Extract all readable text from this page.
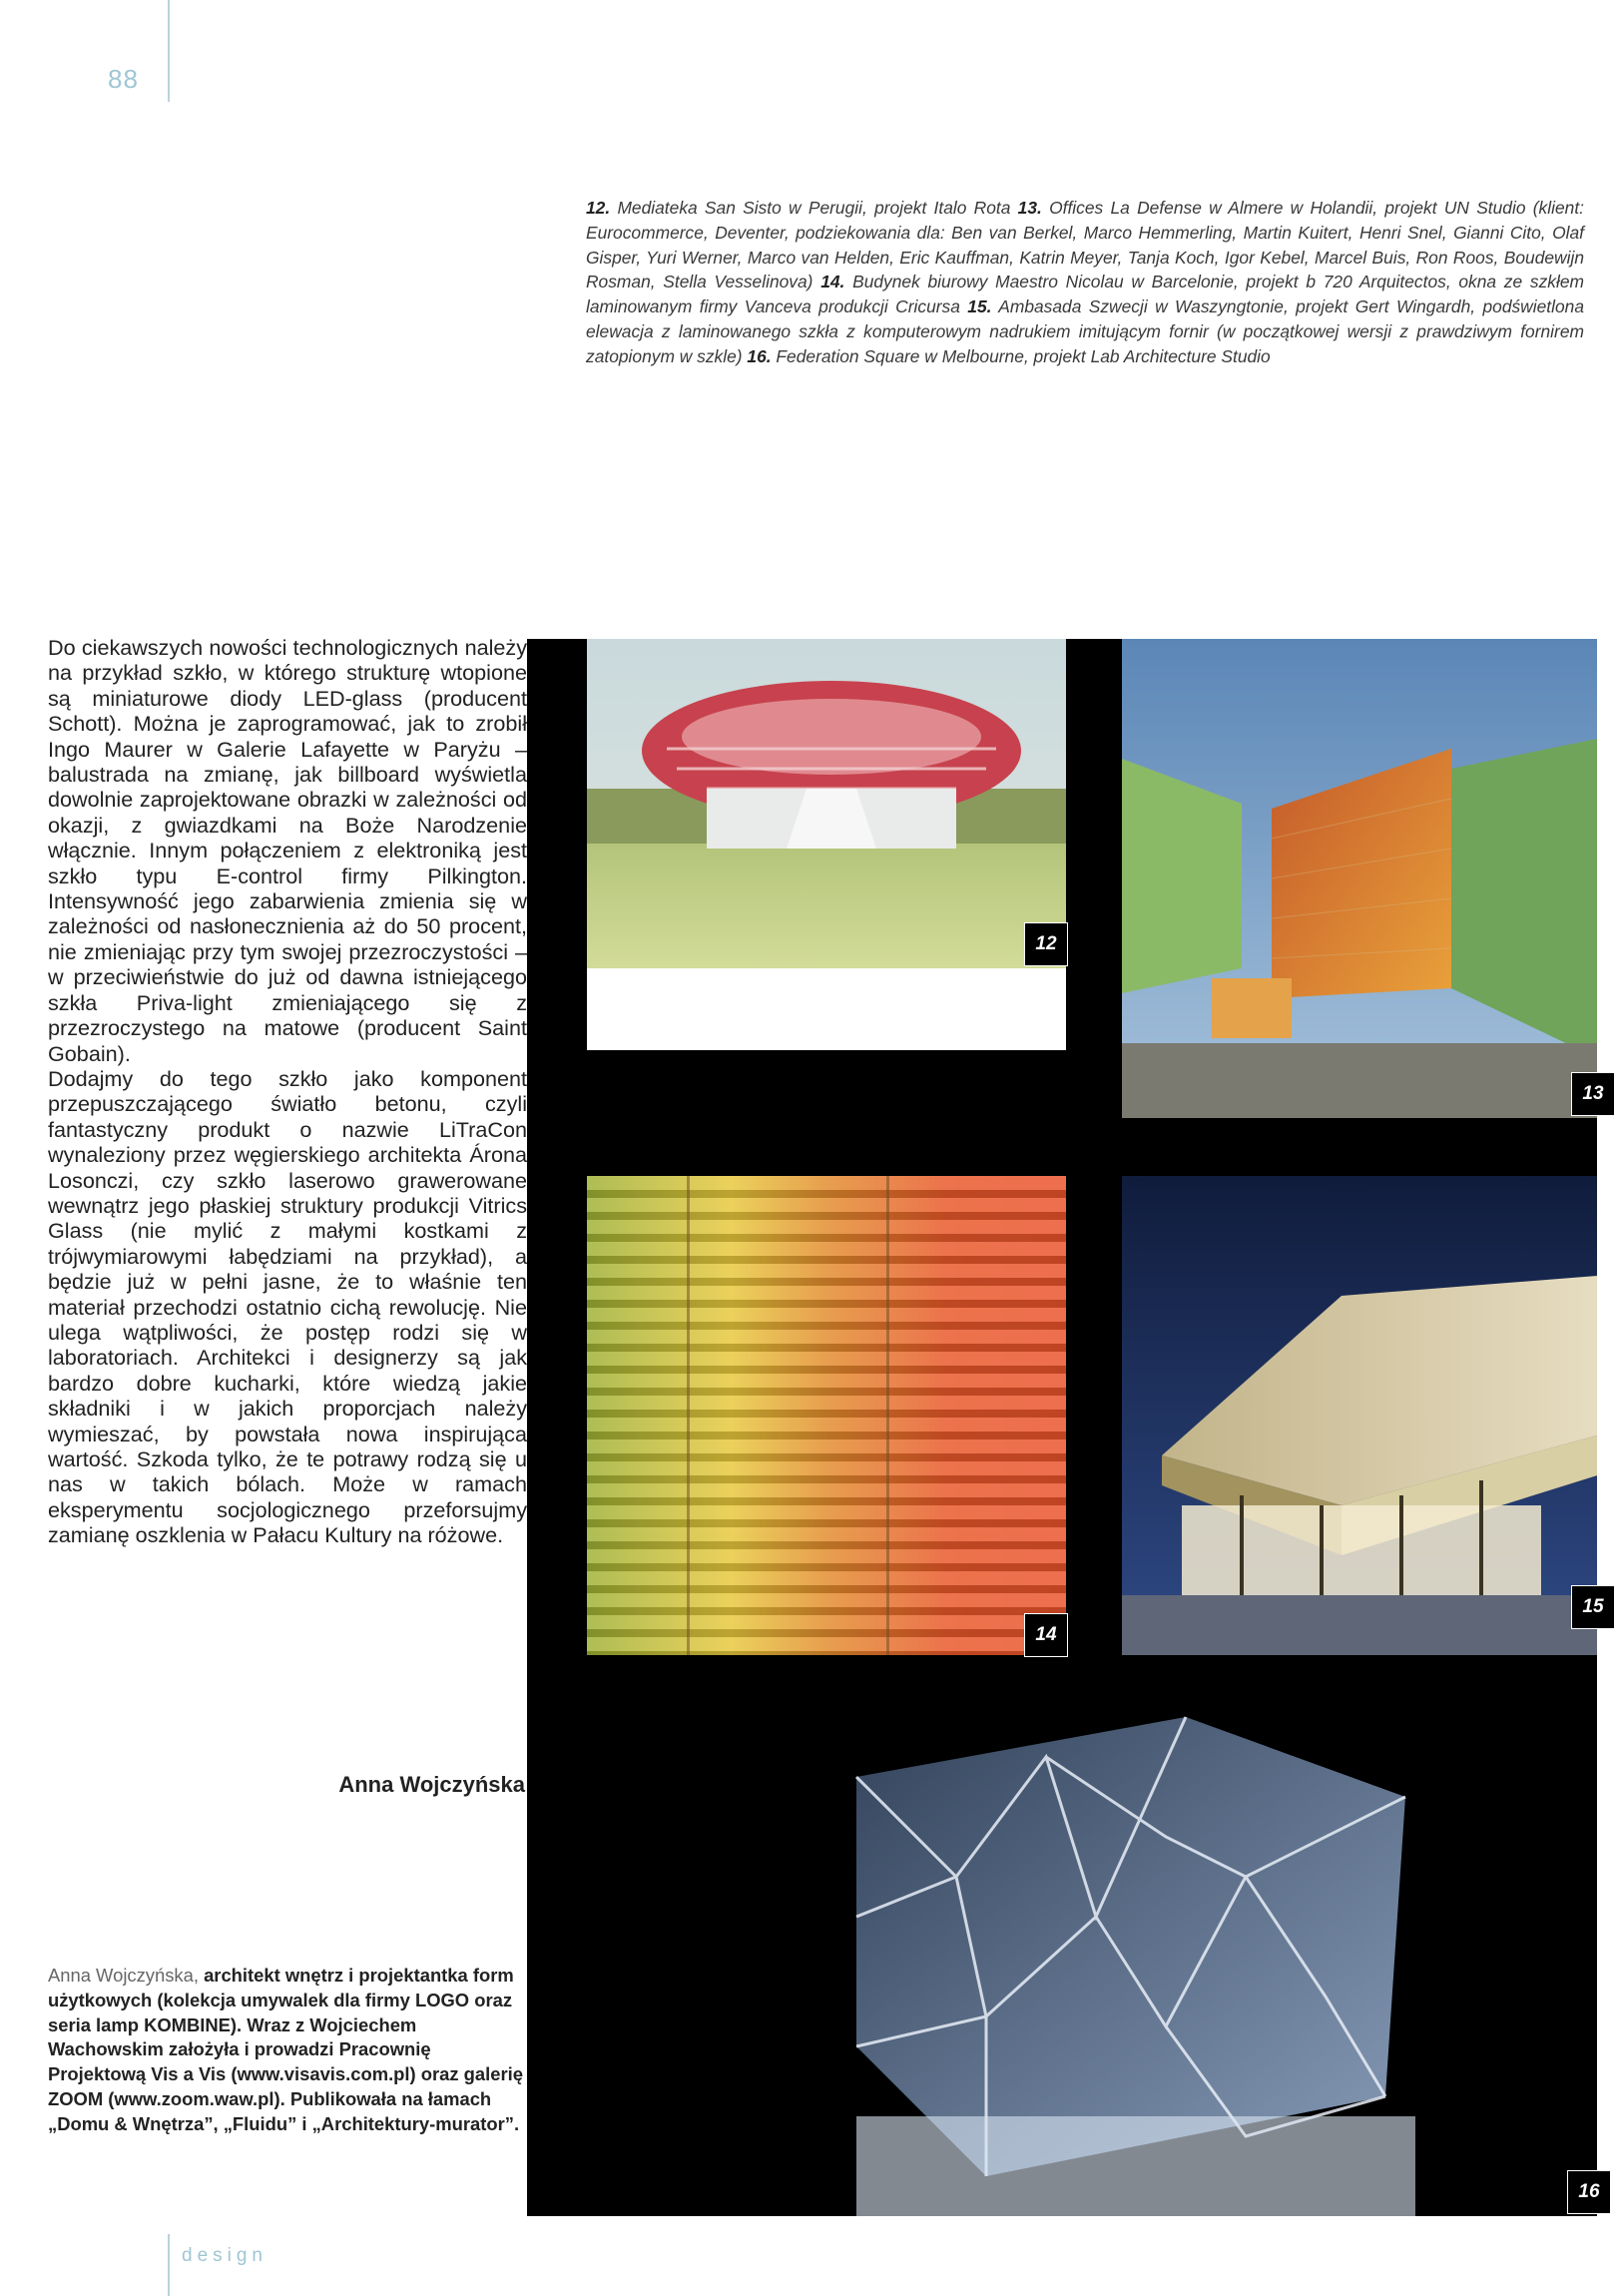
88
12. Mediateka San Sisto w Perugii, projekt Italo Rota 13. Offices La Defense w Almere w Holandii, projekt UN Studio (klient: Eurocommerce, Deventer, podziekowania dla: Ben van Berkel, Marco Hemmerling, Martin Kuitert, Henri Snel, Gianni Cito, Olaf Gisper, Yuri Werner, Marco van Helden, Eric Kauffman, Katrin Meyer, Tanja Koch, Igor Kebel, Marcel Buis, Ron Roos, Boudewijn Rosman, Stella Vesselinova) 14. Budynek biurowy Maestro Nicolau w Barcelonie, projekt b 720 Arquitectos, okna ze szkłem laminowanym firmy Vanceva produkcji Cricursa 15. Ambasada Szwecji w Waszyngtonie, projekt Gert Wingardh, podświetlona elewacja z laminowanego szkła z komputerowym nadrukiem imitującym fornir (w początkowej wersji z prawdziwym fornirem zatopionym w szkle) 16. Federation Square w Melbourne, projekt Lab Architecture Studio

Do ciekawszych nowości technologicznych należy na przykład szkło, w którego strukturę wtopione są miniaturowe diody LED-glass (producent Schott). Można je zaprogramować, jak to zrobił Ingo Maurer w Galerie Lafayette w Paryżu – balustrada na zmianę, jak billboard wyświetla dowolnie zaprojektowane obrazki w zależności od okazji, z gwiazdkami na Boże Narodzenie włącznie. Innym połączeniem z elektroniką jest szkło typu E-control firmy Pilkington. Intensywność jego zabarwienia zmienia się w zależności od nasłonecznienia aż do 50 procent, nie zmieniając przy tym swojej przezroczystości – w przeciwieństwie do już od dawna istniejącego szkła Priva-light zmieniającego się z przezroczystego na matowe (producent Saint Gobain).

Dodajmy do tego szkło jako komponent przepuszczającego światło betonu, czyli fantastyczny produkt o nazwie LiTraCon wynaleziony przez węgierskiego architekta Árona Losonczi, czy szkło laserowo grawerowane wewnątrz jego płaskiej struktury produkcji Vitrics Glass (nie mylić z małymi kostkami z trójwymiarowymi łabędziami na przykład), a będzie już w pełni jasne, że to właśnie ten materiał przechodzi ostatnio cichą rewolucję. Nie ulega wątpliwości, że postęp rodzi się w laboratoriach. Architekci i designerzy są jak bardzo dobre kucharki, które wiedzą jakie składniki i w jakich proporcjach należy wymieszać, by powstała nowa inspirująca wartość. Szkoda tylko, że te potrawy rodzą się u nas w takich bólach. Może w ramach eksperymentu socjologicznego przeforsujmy zamianę oszklenia w Pałacu Kultury na różowe.

Anna Wojczyńska
Anna Wojczyńska, architekt wnętrz i projektantka form użytkowych (kolekcja umywalek dla firmy LOGO oraz seria lamp KOMBINE). Wraz z Wojciechem Wachowskim założyła i prowadzi Pracownię Projektową Vis a Vis (www.visavis.com.pl) oraz galerię ZOOM (www.zoom.waw.pl). Publikowała na łamach „Domu & Wnętrza”, „Fluidu” i „Architektury-murator”.
12
13
14
15
16
design
